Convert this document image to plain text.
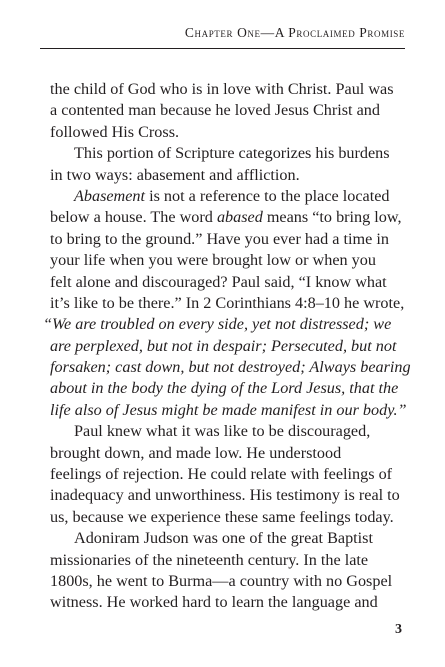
Chapter One—A Proclaimed Promise
the child of God who is in love with Christ. Paul was
a contented man because he loved Jesus Christ and
followed His Cross.
This portion of Scripture categorizes his burdens
in two ways: abasement and affliction.
Abasement is not a reference to the place located
below a house. The word abased means “to bring low,
to bring to the ground.” Have you ever had a time in
your life when you were brought low or when you
felt alone and discouraged? Paul said, “I know what
it’s like to be there.” In 2 Corinthians 4:8–10 he wrote,
“We are troubled on every side, yet not distressed; we
are perplexed, but not in despair; Persecuted, but not
forsaken; cast down, but not destroyed; Always bearing
about in the body the dying of the Lord Jesus, that the
life also of Jesus might be made manifest in our body.”
Paul knew what it was like to be discouraged,
brought down, and made low. He understood
feelings of rejection. He could relate with feelings of
inadequacy and unworthiness. His testimony is real to
us, because we experience these same feelings today.
Adoniram Judson was one of the great Baptist
missionaries of the nineteenth century. In the late
1800s, he went to Burma—a country with no Gospel
witness. He worked hard to learn the language and
3
